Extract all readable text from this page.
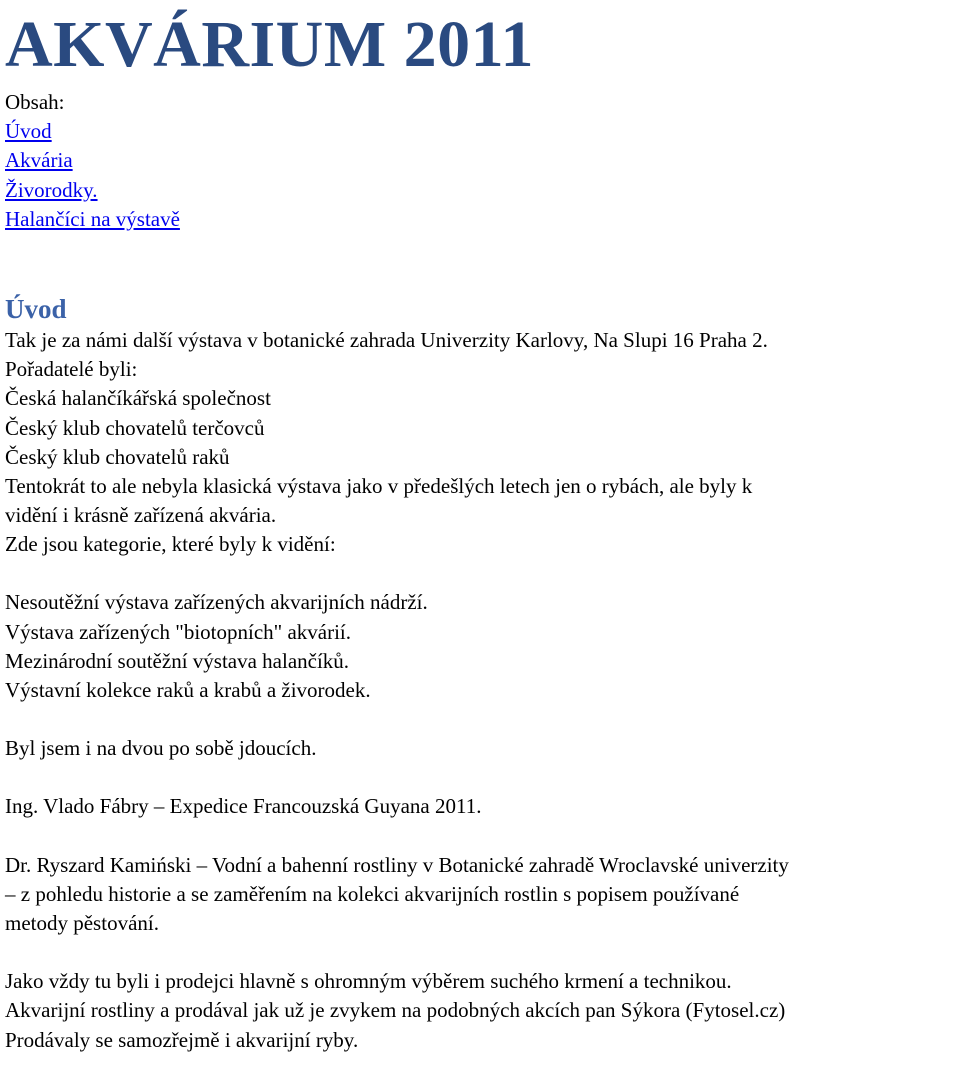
AKVÁRIUM 2011
Obsah:
Úvod
Akvária
Živorodky.
Halančíci na výstavě
Úvod
Tak je za námi další výstava v botanické zahrada Univerzity Karlovy, Na Slupi 16 Praha 2.
Pořadatelé byli:
Česká halančíkářská společnost
Český klub chovatelů terčovců
Český klub chovatelů raků
Tentokrát to ale nebyla klasická výstava jako v předešlých letech jen o rybách, ale byly k
vidění i krásně zařízená akvária.
Zde jsou kategorie, které byly k vidění:
Nesoutěžní výstava zařízených akvarijních nádrží.
Výstava zařízených "biotopních" akvárií.
Mezinárodní soutěžní výstava halančíků.
Výstavní kolekce raků a krabů a živorodek.
Byl jsem i na dvou po sobě jdoucích.
Ing. Vlado Fábry – Expedice Francouzská Guyana 2011.
Dr. Ryszard Kamiński – Vodní a bahenní rostliny v Botanické zahradě Wroclavské univerzity
– z pohledu historie a se zaměřením na kolekci akvarijních rostlin s popisem používané
metody pěstování.
Jako vždy tu byli i prodejci hlavně s ohromným výběrem suchého krmení a technikou.
Akvarijní rostliny a prodával jak už je zvykem na podobných akcích pan Sýkora (Fytosel.cz)
Prodávaly se samozřejmě i akvarijní ryby.
